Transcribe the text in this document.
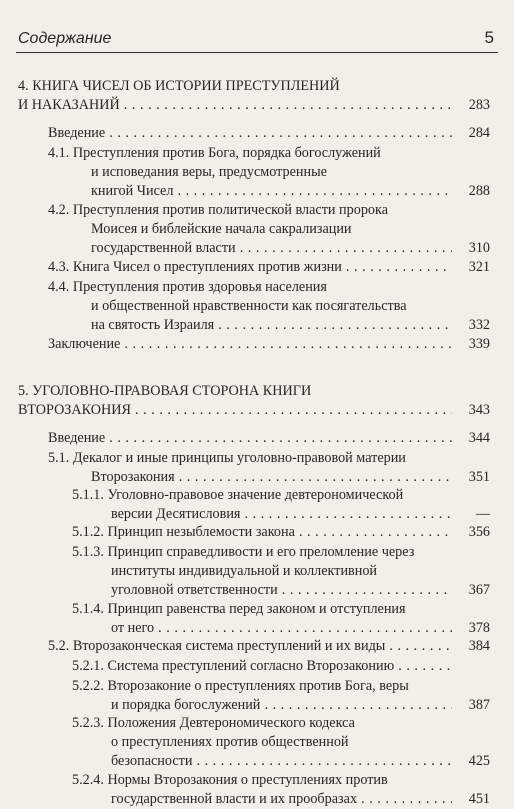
Содержание	5
4. КНИГА ЧИСЕЛ ОБ ИСТОРИИ ПРЕСТУПЛЕНИЙ
И НАКАЗАНИЙ . . .	283
Введение . . .	284
4.1. Преступления против Бога, порядка богослужений
и исповедания веры, предусмотренные
книгой Чисел . . .	288
4.2. Преступления против политической власти пророка
Моисея и библейские начала сакрализации
государственной власти . . .	310
4.3. Книга Чисел о преступлениях против жизни . . .	321
4.4. Преступления против здоровья населения
и общественной нравственности как посягательства
на святость Израиля . . .	332
Заключение . . .	339
5. УГОЛОВНО-ПРАВОВАЯ СТОРОНА КНИГИ
ВТОРОЗАКОНИЯ . . .	343
Введение . . .	344
5.1. Декалог и иные принципы уголовно-правовой материи
Второзакония . . .	351
5.1.1. Уголовно-правовое значение девтерономической
версии Десятисловия . . .	—
5.1.2. Принцип незыблемости закона . . .	356
5.1.3. Принцип справедливости и его преломление через
институты индивидуальной и коллективной
уголовной ответственности . . .	367
5.1.4. Принцип равенства перед законом и отступления
от него . . .	378
5.2. Второзаконческая система преступлений и их виды . . .	384
5.2.1. Система преступлений согласно Второзаконию . . .
5.2.2. Второзаконие о преступлениях против Бога, веры
и порядка богослужений . . .	387
5.2.3. Положения Девтерономического кодекса
о преступлениях против общественной
безопасности . . .	425
5.2.4. Нормы Второзакония о преступлениях против
государственной власти и их прообразах . . .	451
